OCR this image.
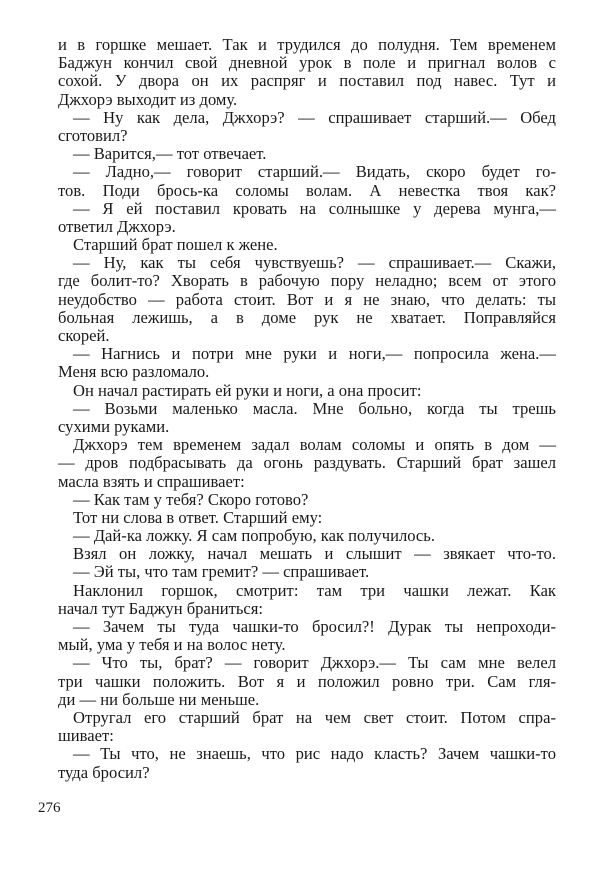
и в горшке мешает. Так и трудился до полудня. Тем временем
Баджун кончил свой дневной урок в поле и пригнал волов с
сохой. У двора он их распряг и поставил под навес. Тут и
Джхорэ выходит из дому.
— Ну как дела, Джхорэ? — спрашивает старший.— Обед
сготовил?
— Варится,— тот отвечает.
— Ладно,— говорит старший.— Видать, скоро будет го-
тов. Поди брось-ка соломы волам. А невестка твоя как?
— Я ей поставил кровать на солнышке у дерева мунга,—
ответил Джхорэ.
Старший брат пошел к жене.
— Ну, как ты себя чувствуешь? — спрашивает.— Скажи,
где болит-то? Хворать в рабочую пору неладно; всем от этого
неудобство — работа стоит. Вот и я не знаю, что делать: ты
больная лежишь, а в доме рук не хватает. Поправляйся
скорей.
— Нагнись и потри мне руки и ноги,— попросила жена.—
Меня всю разломало.
Он начал растирать ей руки и ноги, а она просит:
— Возьми маленько масла. Мне больно, когда ты трешь
сухими руками.
Джхорэ тем временем задал волам соломы и опять в дом —
— дров подбрасывать да огонь раздувать. Старший брат зашел
масла взять и спрашивает:
— Как там у тебя? Скоро готово?
Тот ни слова в ответ. Старший ему:
— Дай-ка ложку. Я сам попробую, как получилось.
Взял он ложку, начал мешать и слышит — звякает что-то.
— Эй ты, что там гремит? — спрашивает.
Наклонил горшок, смотрит: там три чашки лежат. Как
начал тут Баджун браниться:
— Зачем ты туда чашки-то бросил?! Дурак ты непроходи-
мый, ума у тебя и на волос нету.
— Что ты, брат? — говорит Джхорэ.— Ты сам мне велел
три чашки положить. Вот я и положил ровно три. Сам гля-
ди — ни больше ни меньше.
Отругал его старший брат на чем свет стоит. Потом спра-
шивает:
— Ты что, не знаешь, что рис надо класть? Зачем чашки-то
туда бросил?
276
